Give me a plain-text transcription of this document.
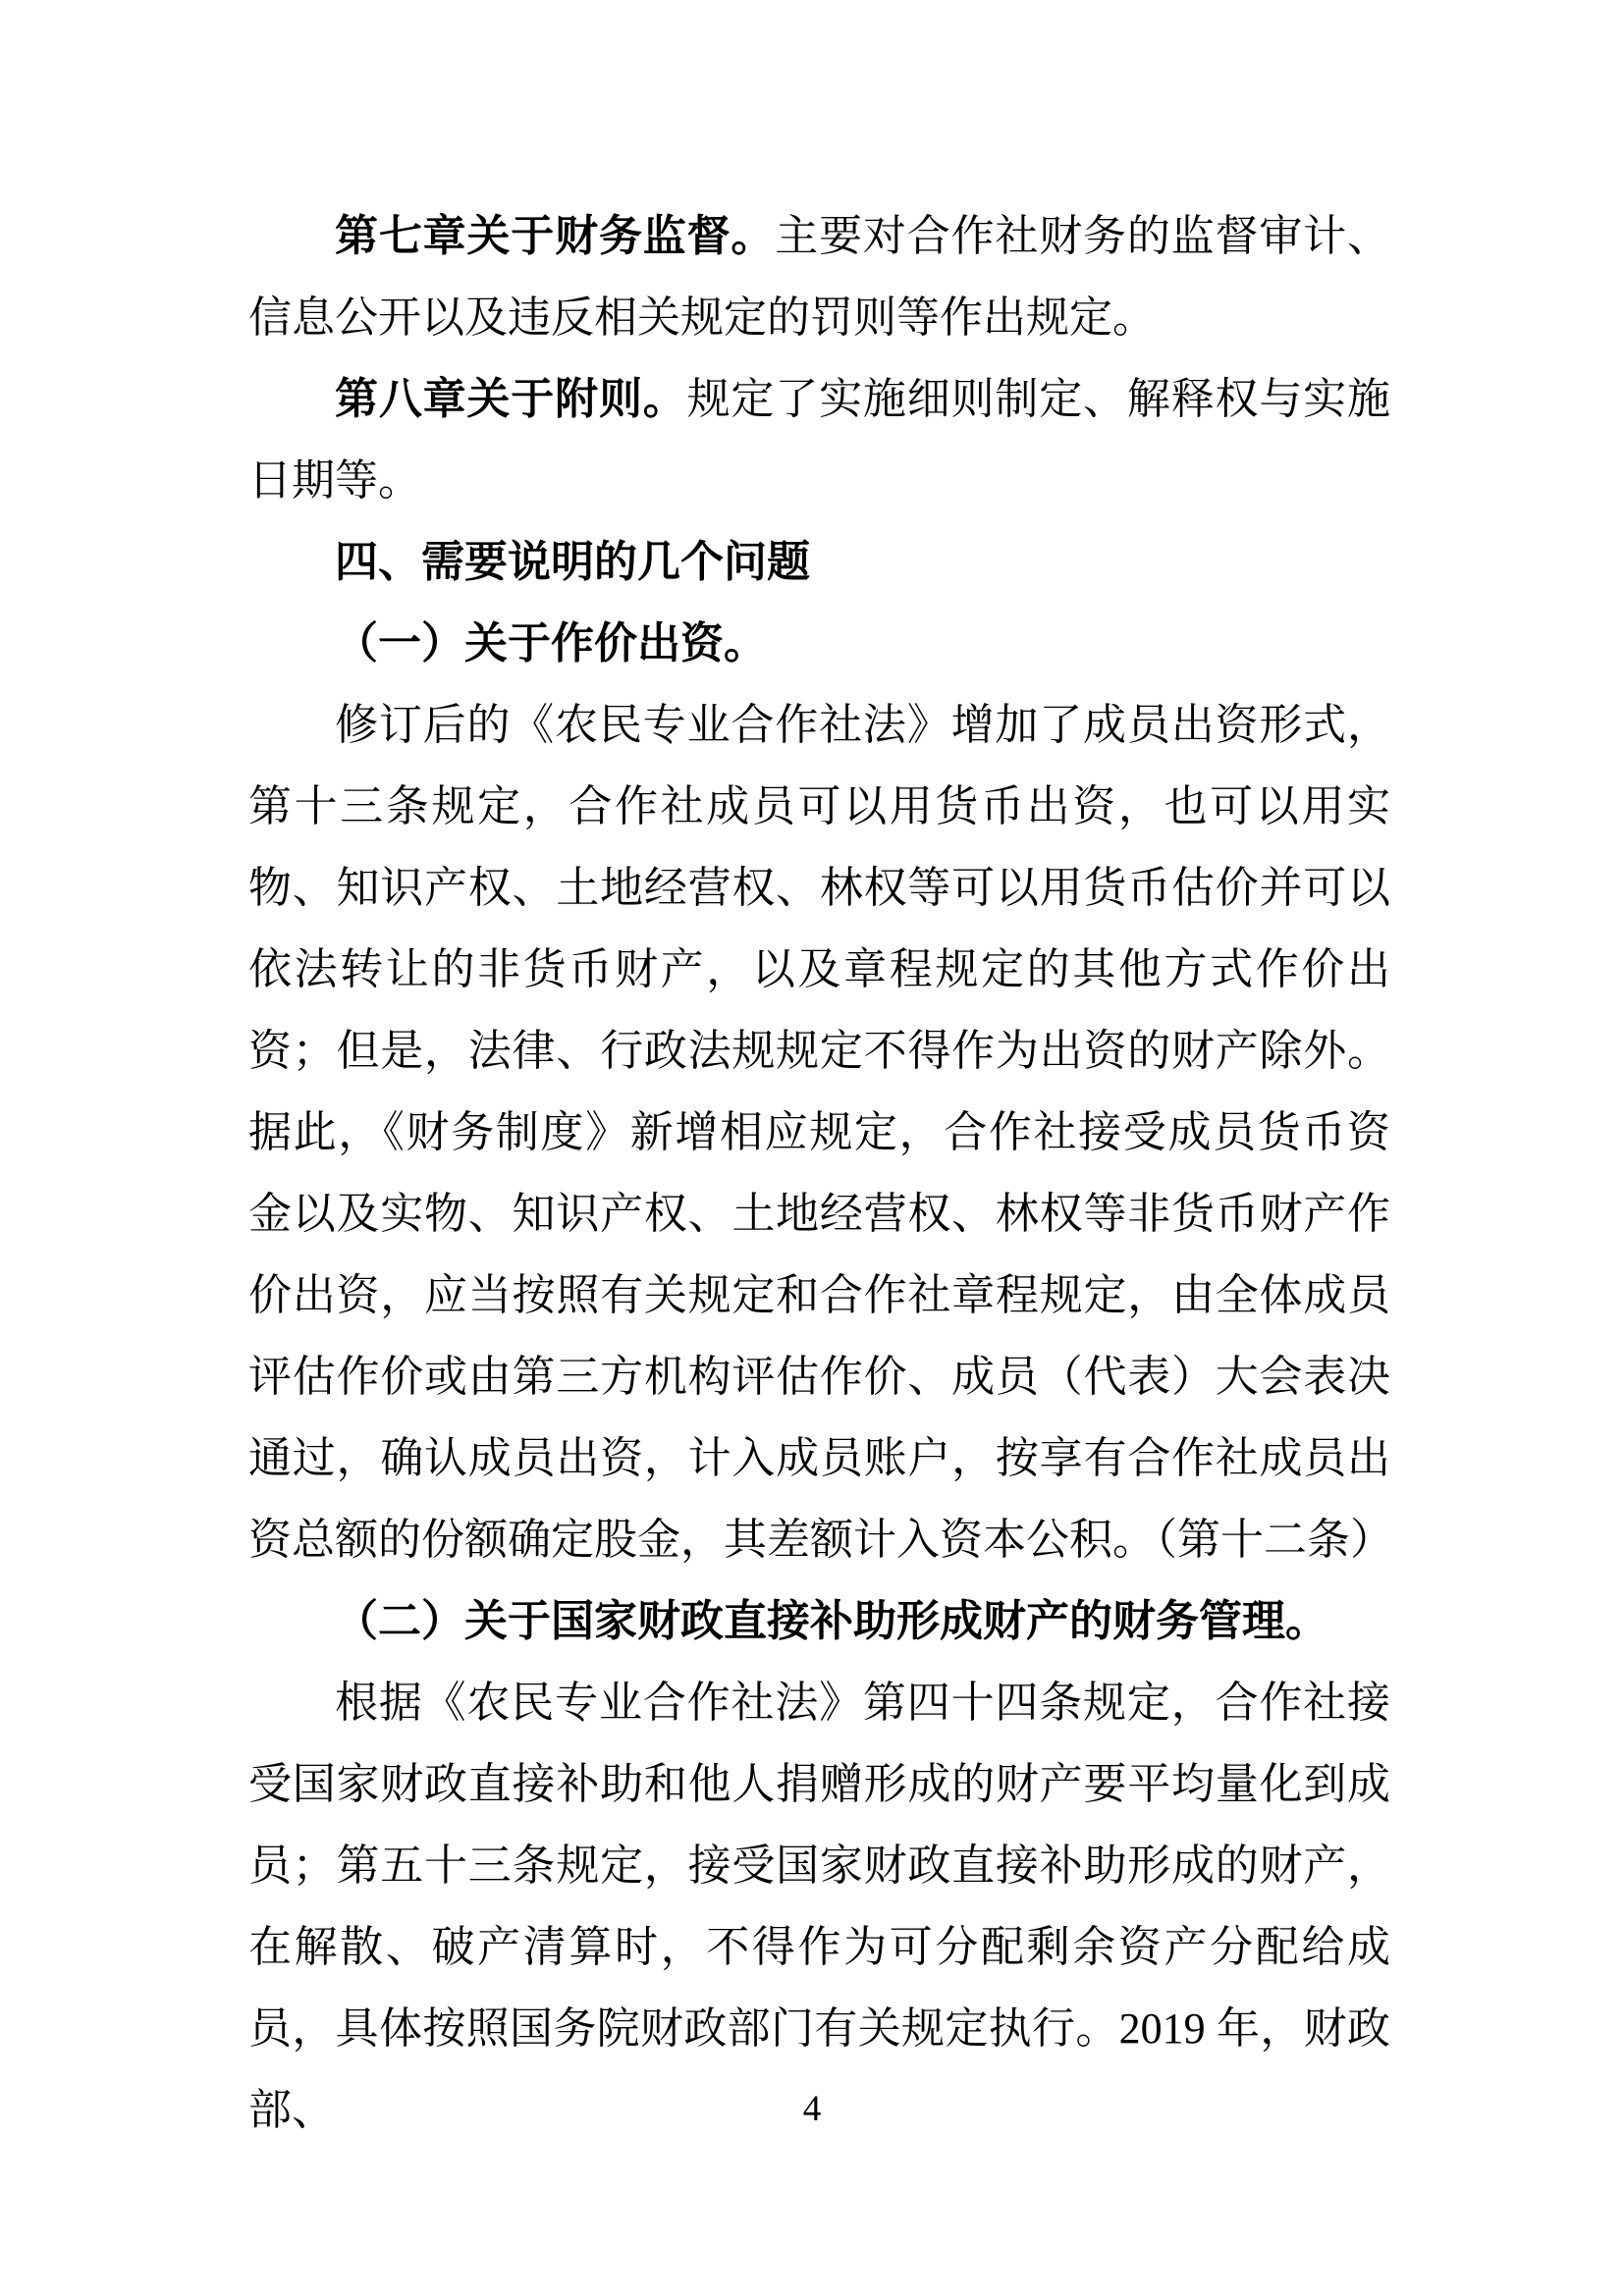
第七章关于财务监督。主要对合作社财务的监督审计、信息公开以及违反相关规定的罚则等作出规定。

第八章关于附则。规定了实施细则制定、解释权与实施日期等。

四、需要说明的几个问题

（一）关于作价出资。

修订后的《农民专业合作社法》增加了成员出资形式，第十三条规定，合作社成员可以用货币出资，也可以用实物、知识产权、土地经营权、林权等可以用货币估价并可以依法转让的非货币财产，以及章程规定的其他方式作价出资；但是，法律、行政法规规定不得作为出资的财产除外。据此，《财务制度》新增相应规定，合作社接受成员货币资金以及实物、知识产权、土地经营权、林权等非货币财产作价出资，应当按照有关规定和合作社章程规定，由全体成员评估作价或由第三方机构评估作价、成员（代表）大会表决通过，确认成员出资，计入成员账户，按享有合作社成员出资总额的份额确定股金，其差额计入资本公积。（第十二条）

（二）关于国家财政直接补助形成财产的财务管理。

根据《农民专业合作社法》第四十四条规定，合作社接受国家财政直接补助和他人捐赠形成的财产要平均量化到成员；第五十三条规定，接受国家财政直接补助形成的财产，在解散、破产清算时，不得作为可分配剩余资产分配给成员，具体按照国务院财政部门有关规定执行。2019 年，财政部、	4
